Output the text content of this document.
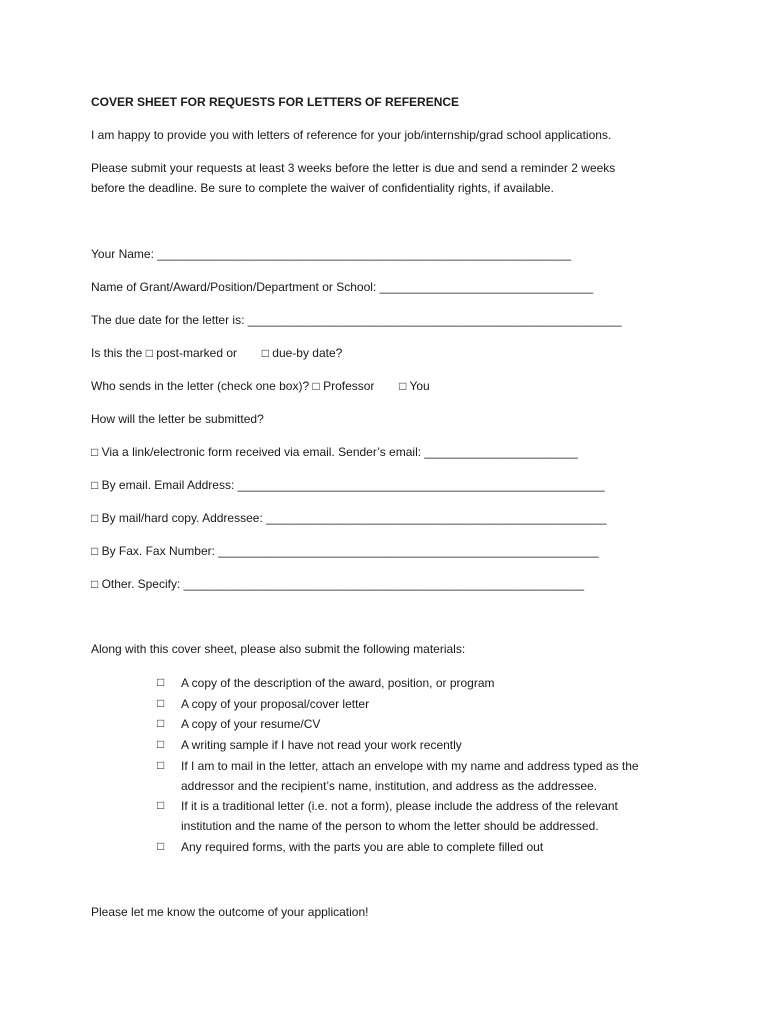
COVER SHEET FOR REQUESTS FOR LETTERS OF REFERENCE
I am happy to provide you with letters of reference for your job/internship/grad school applications.
Please submit your requests at least 3 weeks before the letter is due and send a reminder 2 weeks
before the deadline. Be sure to complete the waiver of confidentiality rights, if available.
Your Name: ______________________________________________________________
Name of Grant/Award/Position/Department or School: ________________________________
The due date for the letter is: ________________________________________________________
Is this the □ post-marked or □ due-by date?
Who sends in the letter (check one box)? □ Professor □ You
How will the letter be submitted?
□ Via a link/electronic form received via email. Sender’s email: _______________________
□ By email. Email Address: _______________________________________________________
□ By mail/hard copy. Addressee: ___________________________________________________
□ By Fax. Fax Number: _________________________________________________________
□ Other. Specify: ____________________________________________________________
Along with this cover sheet, please also submit the following materials:
□ A copy of the description of the award, position, or program
□ A copy of your proposal/cover letter
□ A copy of your resume/CV
□ A writing sample if I have not read your work recently
□ If I am to mail in the letter, attach an envelope with my name and address typed as the
addressor and the recipient’s name, institution, and address as the addressee.
□ If it is a traditional letter (i.e. not a form), please include the address of the relevant
institution and the name of the person to whom the letter should be addressed.
□ Any required forms, with the parts you are able to complete filled out
Please let me know the outcome of your application!
